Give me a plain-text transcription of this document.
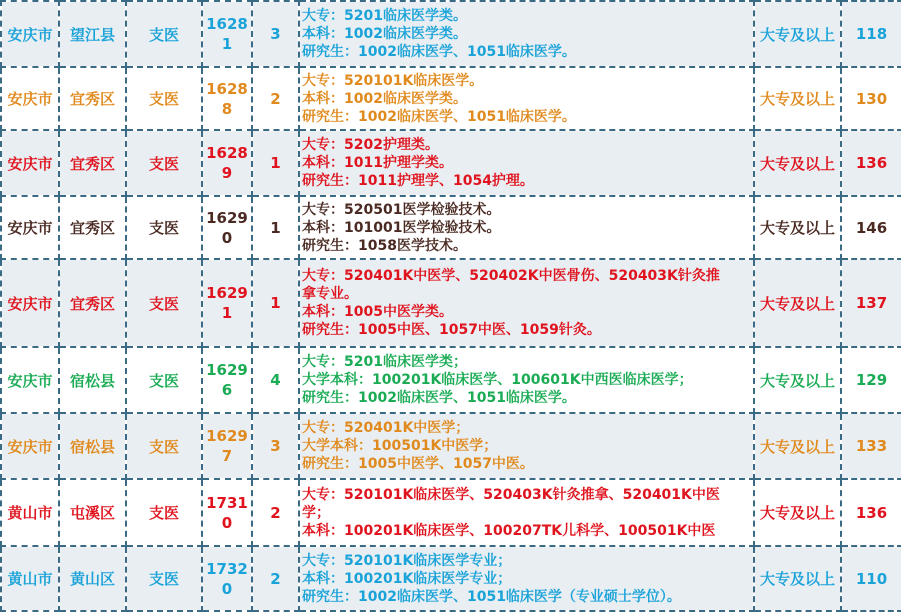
安庆市	望江县	支医	1628
1	3	大专：5201临床医学类。
本科：1002临床医学类。
研究生：1002临床医学、1051临床医学。	大专及以上	118
安庆市	宜秀区	支医	1628
8	2	大专：520101K临床医学。
本科：1002临床医学类。
研究生：1002临床医学、1051临床医学。	大专及以上	130
安庆市	宜秀区	支医	1628
9	1	大专：5202护理类。
本科：1011护理学类。
研究生：1011护理学、1054护理。	大专及以上	136
安庆市	宜秀区	支医	1629
0	1	大专：520501医学检验技术。
本科：101001医学检验技术。
研究生：1058医学技术。	大专及以上	146
安庆市	宜秀区	支医	1629
1	1	大专：520401K中医学、520402K中医骨伤、520403K针灸推
拿专业。
本科：1005中医学类。
研究生：1005中医、1057中医、1059针灸。	大专及以上	137
安庆市	宿松县	支医	1629
6	4	大专：5201临床医学类；
大学本科：100201K临床医学、100601K中西医临床医学；
研究生：1002临床医学、1051临床医学。	大专及以上	129
安庆市	宿松县	支医	1629
7	3	大专：520401K中医学；
大学本科：100501K中医学；
研究生：1005中医学、1057中医。	大专及以上	133
黄山市	屯溪区	支医	1731
0	2	大专：520101K临床医学、520403K针灸推拿、520401K中医
学；
本科：100201K临床医学、100207TK儿科学、100501K中医	大专及以上	136
黄山市	黄山区	支医	1732
0	2	大专：520101K临床医学专业；
本科：100201K临床医学专业；
研究生：1002临床医学、1051临床医学（专业硕士学位）。	大专及以上	110
